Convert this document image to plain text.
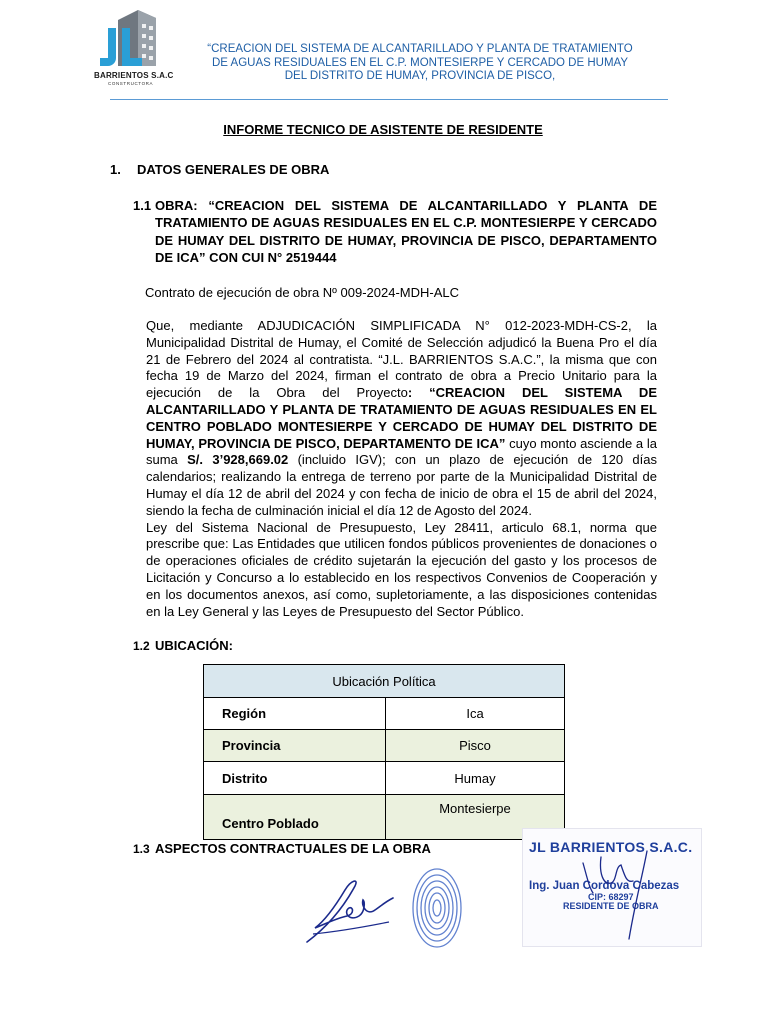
BARRIENTOS S.A.C
CONSTRUCTORA
“CREACION DEL SISTEMA DE ALCANTARILLADO Y PLANTA DE TRATAMIENTO DE AGUAS RESIDUALES EN EL C.P. MONTESIERPE Y CERCADO DE HUMAY DEL DISTRITO DE HUMAY, PROVINCIA DE PISCO,
INFORME TECNICO DE ASISTENTE DE RESIDENTE
1. DATOS GENERALES DE OBRA
1.1 OBRA: “CREACION DEL SISTEMA DE ALCANTARILLADO Y PLANTA DE TRATAMIENTO DE AGUAS RESIDUALES EN EL C.P. MONTESIERPE Y CERCADO DE HUMAY DEL DISTRITO DE HUMAY, PROVINCIA DE PISCO, DEPARTAMENTO DE ICA” CON CUI N° 2519444
Contrato de ejecución de obra Nº 009-2024-MDH-ALC

Que, mediante ADJUDICACIÓN SIMPLIFICADA N° 012-2023-MDH-CS-2, la Municipalidad Distrital de Humay, el Comité de Selección adjudicó la Buena Pro el día 21 de Febrero del 2024 al contratista. “J.L. BARRIENTOS S.A.C.”, la misma que con fecha 19 de Marzo del 2024, firman el contrato de obra a Precio Unitario para la ejecución de la Obra del Proyecto: “CREACION DEL SISTEMA DE ALCANTARILLADO Y PLANTA DE TRATAMIENTO DE AGUAS RESIDUALES EN EL CENTRO POBLADO MONTESIERPE Y CERCADO DE HUMAY DEL DISTRITO DE HUMAY, PROVINCIA DE PISCO, DEPARTAMENTO DE ICA” cuyo monto asciende a la suma S/. 3’928,669.02 (incluido IGV); con un plazo de ejecución de 120 días calendarios; realizando la entrega de terreno por parte de la Municipalidad Distrital de Humay el día 12 de abril del 2024 y con fecha de inicio de obra el 15 de abril del 2024, siendo la fecha de culminación inicial el día 12 de Agosto del 2024.

Ley del Sistema Nacional de Presupuesto, Ley 28411, articulo 68.1, norma que prescribe que: Las Entidades que utilicen fondos públicos provenientes de donaciones o de operaciones oficiales de crédito sujetarán la ejecución del gasto y los procesos de Licitación y Concurso a lo establecido en los respectivos Convenios de Cooperación y en los documentos anexos, así como, supletoriamente, a las disposiciones contenidas en la Ley General y las Leyes de Presupuesto del Sector Público.

1.2 UBICACIÓN:
Ubicación Política	
Región	Ica
Provincia	Pisco
Distrito	Humay
Centro Poblado	Montesierpe
1.3 ASPECTOS CONTRACTUALES DE LA OBRA	JL BARRIENTOS S.A.C.
Ing. Juan Cordova Cabezas
CIP: 68297
RESIDENTE DE OBRA
